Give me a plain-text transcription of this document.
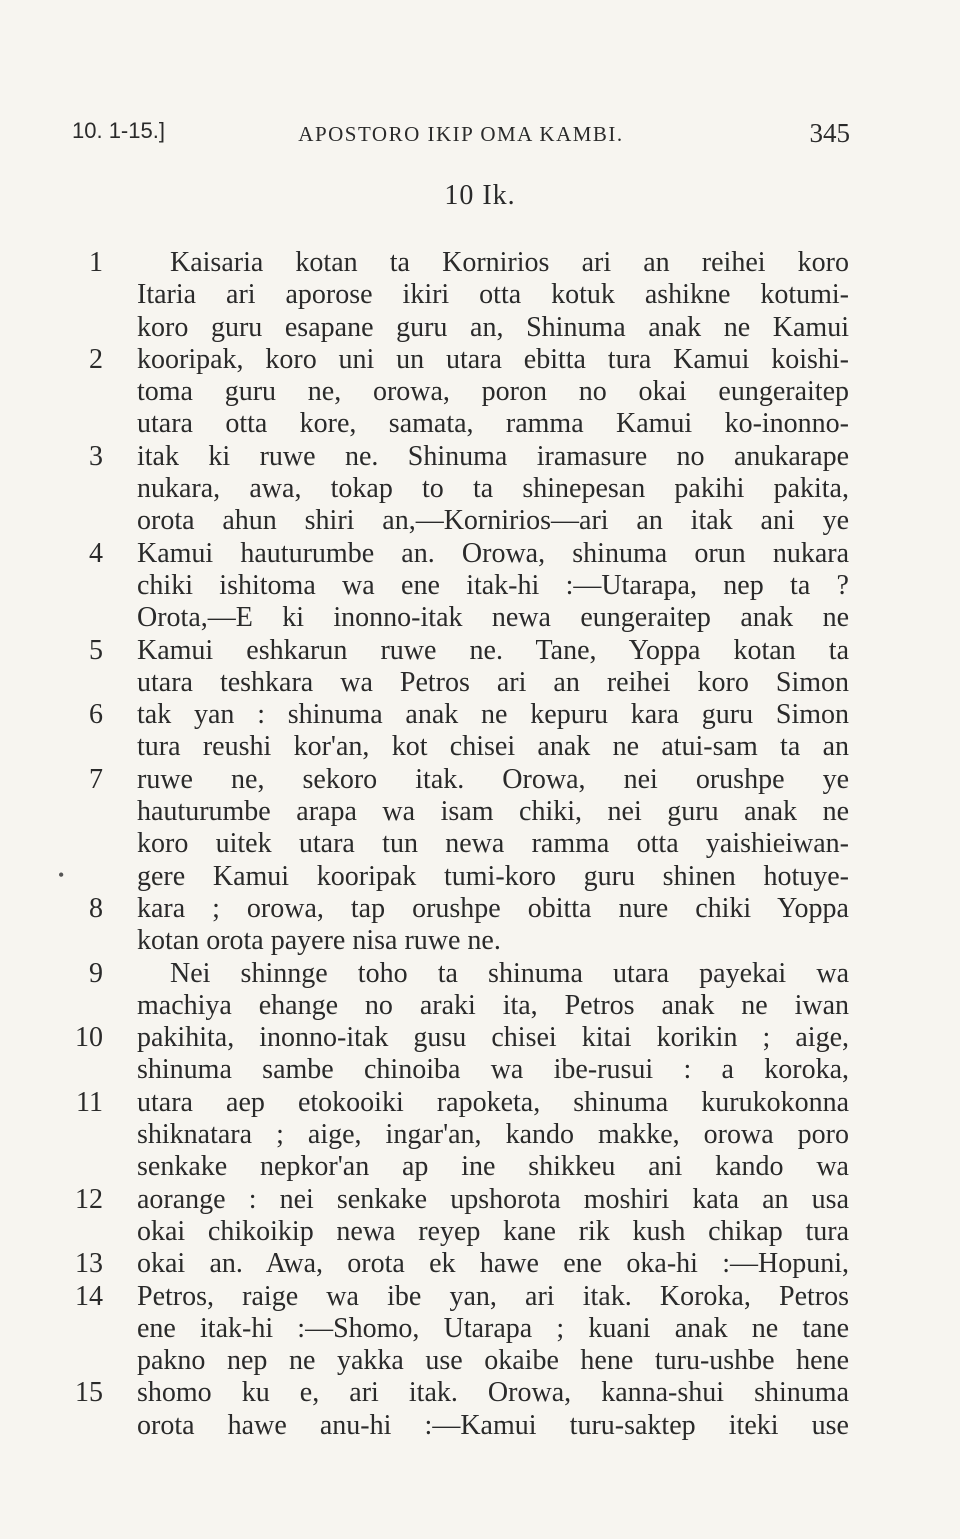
10. 1-15.]	APOSTORO IKIP OMA KAMBI.	345
10 Ik.
•
1 Kaisaria kotan ta Kornirios ari an reihei koro
Itaria ari aporose ikiri otta kotuk ashikne kotumi-
koro guru esapane guru an, Shinuma anak ne Kamui
2 kooripak, koro uni un utara ebitta tura Kamui koishi-
toma guru ne, orowa, poron no okai eungeraitep
utara otta kore, samata, ramma Kamui ko-inonno-
3 itak ki ruwe ne. Shinuma iramasure no anukarape
nukara, awa, tokap to ta shinepesan pakihi pakita,
orota ahun shiri an,—Kornirios—ari an itak ani ye
4 Kamui hauturumbe an. Orowa, shinuma orun nukara
chiki ishitoma wa ene itak-hi :—Utarapa, nep ta ?
Orota,—E ki inonno-itak newa eungeraitep anak ne
5 Kamui eshkarun ruwe ne. Tane, Yoppa kotan ta
utara teshkara wa Petros ari an reihei koro Simon
6 tak yan : shinuma anak ne kepuru kara guru Simon
tura reushi kor'an, kot chisei anak ne atui-sam ta an
7 ruwe ne, sekoro itak. Orowa, nei orushpe ye
hauturumbe arapa wa isam chiki, nei guru anak ne
koro uitek utara tun newa ramma otta yaishieiwan-
gere Kamui kooripak tumi-koro guru shinen hotuye-
8 kara ; orowa, tap orushpe obitta nure chiki Yoppa
kotan orota payere nisa ruwe ne.
9 Nei shinnge toho ta shinuma utara payekai wa
machiya ehange no araki ita, Petros anak ne iwan
10 pakihita, inonno-itak gusu chisei kitai korikin ; aige,
shinuma sambe chinoiba wa ibe-rusui : a koroka,
11 utara aep etokooiki rapoketa, shinuma kurukokonna
shiknatara ; aige, ingar'an, kando makke, orowa poro
senkake nepkor'an ap ine shikkeu ani kando wa
12 aorange : nei senkake upshorota moshiri kata an usa
okai chikoikip newa reyep kane rik kush chikap tura
13 okai an. Awa, orota ek hawe ene oka-hi :—Hopuni,
14 Petros, raige wa ibe yan, ari itak. Koroka, Petros
ene itak-hi :—Shomo, Utarapa ; kuani anak ne tane
pakno nep ne yakka use okaibe hene turu-ushbe hene
15 shomo ku e, ari itak. Orowa, kanna-shui shinuma
orota hawe anu-hi :—Kamui turu-saktep iteki use
